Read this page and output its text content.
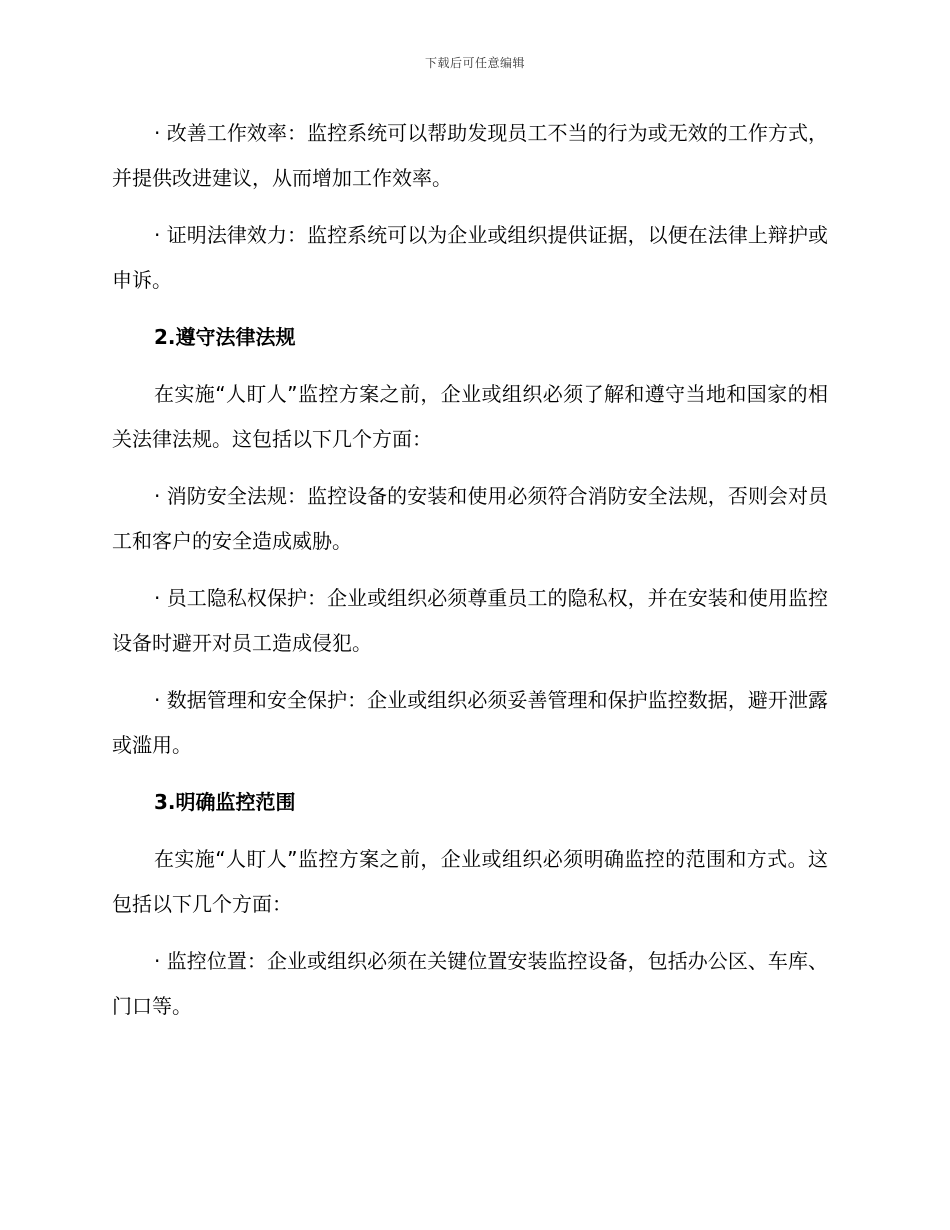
下载后可任意编辑

· 改善工作效率：监控系统可以帮助发现员工不当的行为或无效的工作方式，并提供改进建议，从而增加工作效率。

· 证明法律效力：监控系统可以为企业或组织提供证据，以便在法律上辩护或申诉。

2.遵守法律法规

在实施“人盯人”监控方案之前，企业或组织必须了解和遵守当地和国家的相关法律法规。这包括以下几个方面：

· 消防安全法规：监控设备的安装和使用必须符合消防安全法规，否则会对员工和客户的安全造成威胁。

· 员工隐私权保护：企业或组织必须尊重员工的隐私权，并在安装和使用监控设备时避开对员工造成侵犯。

· 数据管理和安全保护：企业或组织必须妥善管理和保护监控数据，避开泄露或滥用。

3.明确监控范围

在实施“人盯人”监控方案之前，企业或组织必须明确监控的范围和方式。这包括以下几个方面：

· 监控位置：企业或组织必须在关键位置安装监控设备，包括办公区、车库、门口等。
